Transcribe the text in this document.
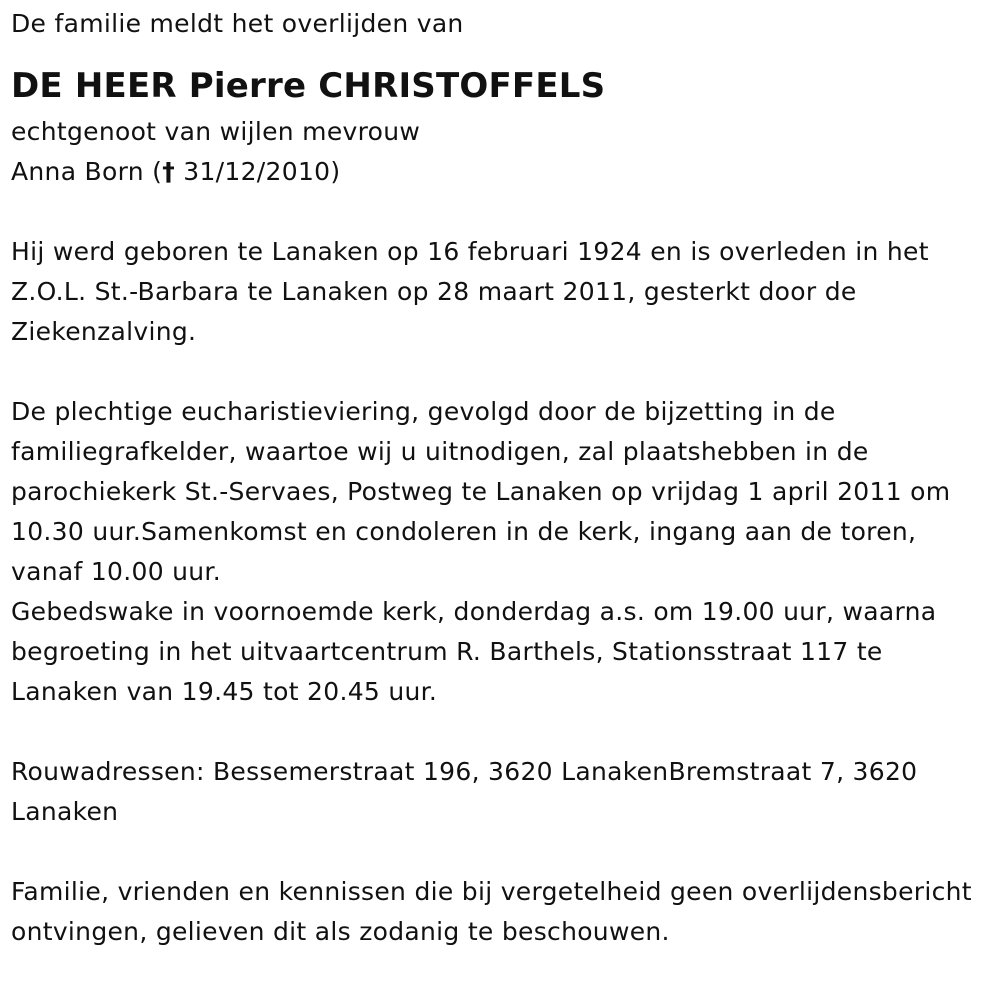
De familie meldt het overlijden van

DE HEER Pierre CHRISTOFFELS

echtgenoot van wijlen mevrouw

Anna Born († 31/12/2010)

Hij werd geboren te Lanaken op 16 februari 1924 en is overleden in het Z.O.L. St.-Barbara te Lanaken op 28 maart 2011, gesterkt door de Ziekenzalving.

De plechtige eucharistieviering, gevolgd door de bijzetting in de familiegrafkelder, waartoe wij u uitnodigen, zal plaatshebben in de parochiekerk St.-Servaes, Postweg te Lanaken op vrijdag 1 april 2011 om 10.30 uur.Samenkomst en condoleren in de kerk, ingang aan de toren, vanaf 10.00 uur.

Gebedswake in voornoemde kerk, donderdag a.s. om 19.00 uur, waarna begroeting in het uitvaartcentrum R. Barthels, Stationsstraat 117 te Lanaken van 19.45 tot 20.45 uur.

Rouwadressen: Bessemerstraat 196, 3620 LanakenBremstraat 7, 3620 Lanaken

Familie, vrienden en kennissen die bij vergetelheid geen overlijdensbericht ontvingen, gelieven dit als zodanig te beschouwen.
